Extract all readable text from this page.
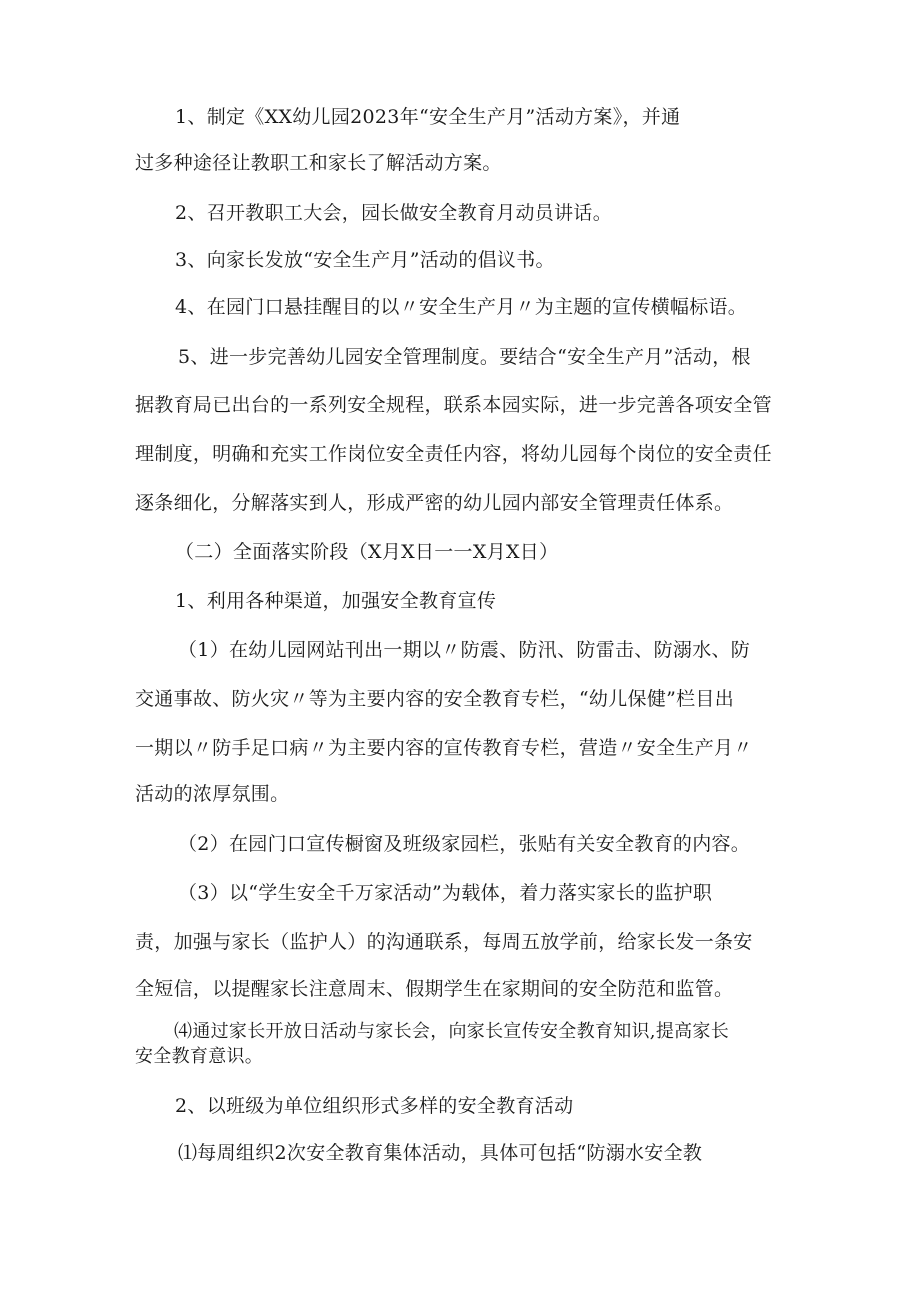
1、制定《XX幼儿园2023年“安全生产月”活动方案》，并通
过多种途径让教职工和家长了解活动方案。
2、召开教职工大会，园长做安全教育月动员讲话。
3、向家长发放“安全生产月”活动的倡议书。
4、在园门口悬挂醒目的以〃安全生产月〃为主题的宣传横幅标语。
5、进一步完善幼儿园安全管理制度。要结合“安全生产月”活动，根
据教育局已出台的一系列安全规程，联系本园实际，进一步完善各项安全管
理制度，明确和充实工作岗位安全责任内容，将幼儿园每个岗位的安全责任
逐条细化，分解落实到人，形成严密的幼儿园内部安全管理责任体系。
（二）全面落实阶段（X月X日一一X月X日）
1、利用各种渠道，加强安全教育宣传
（1）在幼儿园网站刊出一期以〃防震、防汛、防雷击、防溺水、防
交通事故、防火灾〃等为主要内容的安全教育专栏，“幼儿保健”栏目出
一期以〃防手足口病〃为主要内容的宣传教育专栏，营造〃安全生产月〃
活动的浓厚氛围。
（2）在园门口宣传橱窗及班级家园栏，张贴有关安全教育的内容。
（3）以“学生安全千万家活动”为载体，着力落实家长的监护职
责，加强与家长（监护人）的沟通联系，每周五放学前，给家长发一条安
全短信，以提醒家长注意周末、假期学生在家期间的安全防范和监管。
⑷通过家长开放日活动与家长会，向家长宣传安全教育知识,提高家长
安全教育意识。
2、以班级为单位组织形式多样的安全教育活动
⑴每周组织2次安全教育集体活动，具体可包括“防溺水安全教
